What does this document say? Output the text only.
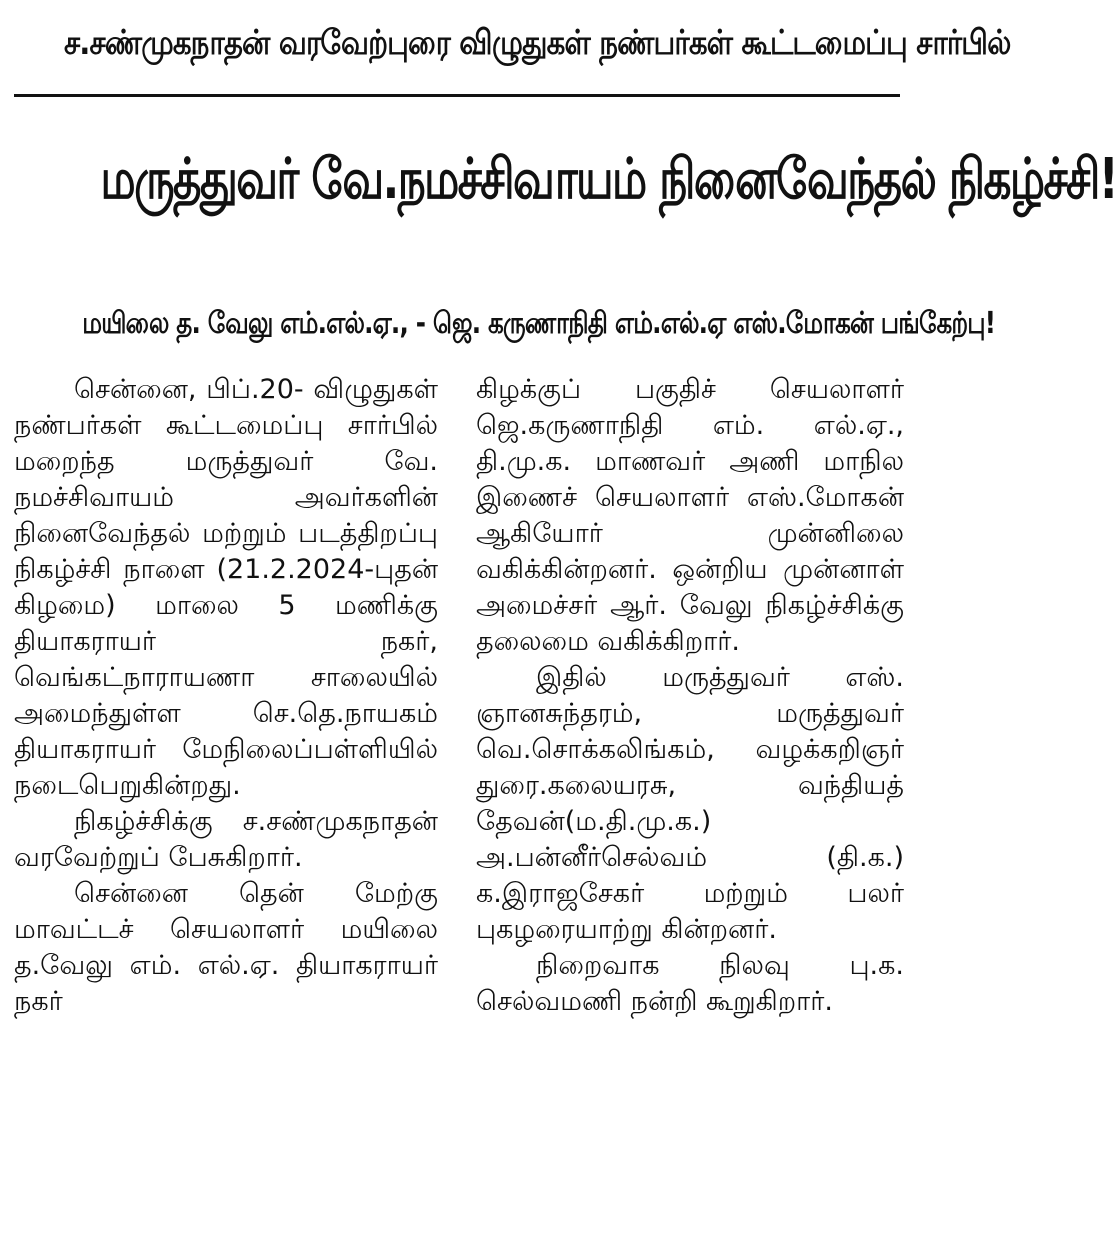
ச.சண்முகநாதன் வரவேற்புரை விழுதுகள் நண்பர்கள் கூட்டமைப்பு சார்பில்
மருத்துவர் வே.நமச்சிவாயம் நினைவேந்தல் நிகழ்ச்சி!
மயிலை த. வேலு எம்.எல்.ஏ., - ஜெ. கருணாநிதி எம்.எல்.ஏ எஸ்.மோகன் பங்கேற்பு!

சென்னை, பிப்.20- விழுதுகள் நண்பர்கள் கூட்டமைப்பு சார்பில் மறைந்த மருத்துவர் வே. நமச்சிவாயம் அவர்களின் நினைவேந்தல் மற்றும் படத்திறப்பு நிகழ்ச்சி நாளை (21.2.2024-புதன் கிழமை) மாலை 5 மணிக்கு தியாகராயர் நகர், வெங்கட்நாராயணா சாலையில் அமைந்துள்ள செ.தெ.நாயகம் தியாகராயர் மேநிலைப்பள்ளியில் நடைபெறுகின்றது.

நிகழ்ச்சிக்கு ச.சண்முகநாதன் வரவேற்றுப் பேசுகிறார்.

சென்னை தென் மேற்கு மாவட்டச் செயலாளர் மயிலை த.வேலு எம். எல்.ஏ. தியாகராயர் நகர்

கிழக்குப் பகுதிச் செயலாளர் ஜெ.கருணாநிதி எம். எல்.ஏ., தி.மு.க. மாணவர் அணி மாநில இணைச் செயலாளர் எஸ்.மோகன் ஆகியோர் முன்னிலை வகிக்கின்றனர். ஒன்றிய முன்னாள் அமைச்சர் ஆர். வேலு நிகழ்ச்சிக்கு தலைமை வகிக்கிறார்.

இதில் மருத்துவர் எஸ். ஞானசுந்தரம், மருத்துவர் வெ.சொக்கலிங்கம், வழக்கறிஞர் துரை.கலையரசு, வந்தியத் தேவன்(ம.தி.மு.க.) அ.பன்னீர்செல்வம் (தி.க.) க.இராஜசேகர் மற்றும் பலர் புகழரையாற்று கின்றனர்.

நிறைவாக நிலவு பு.க. செல்வமணி நன்றி கூறுகிறார்.
